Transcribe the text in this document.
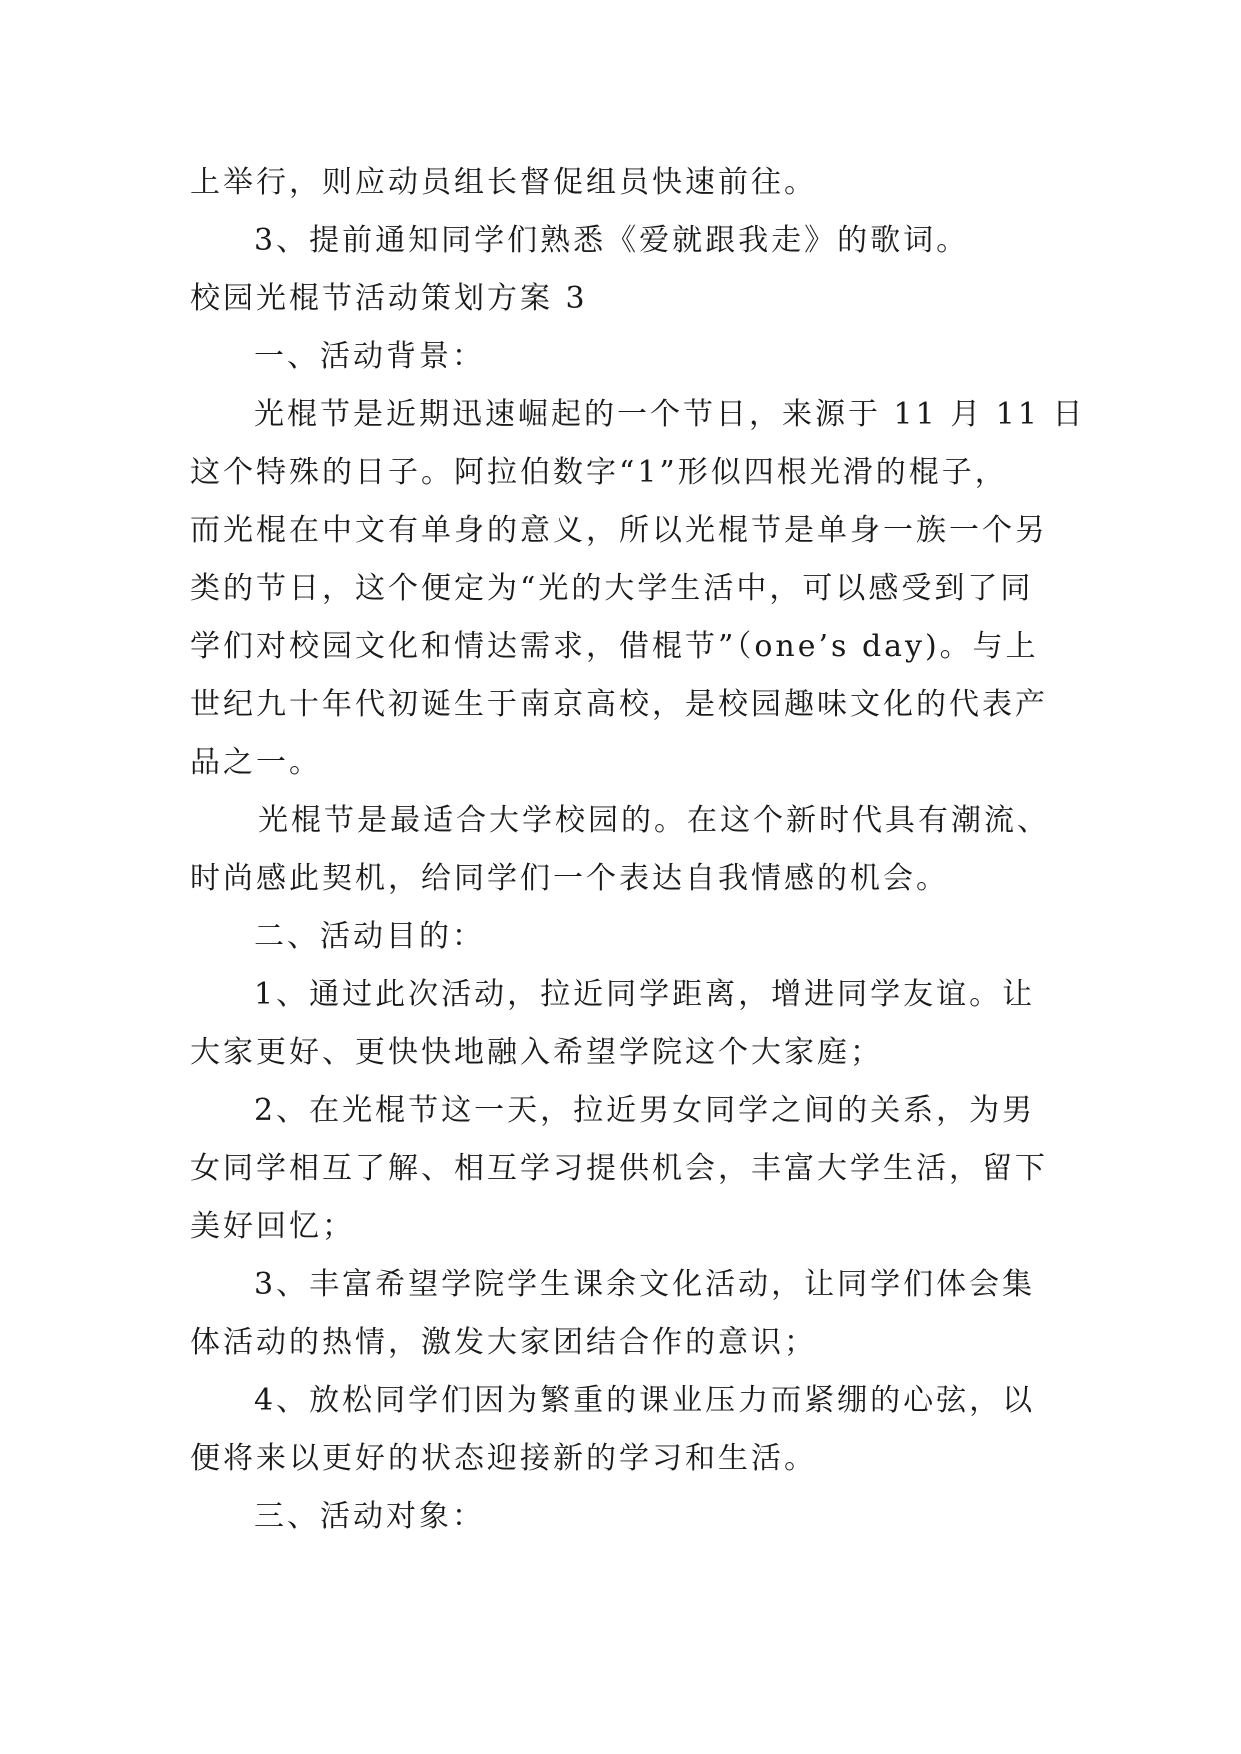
上举行，则应动员组长督促组员快速前往。

3、提前通知同学们熟悉《爱就跟我走》的歌词。

校园光棍节活动策划方案 3

一、活动背景：

光棍节是近期迅速崛起的一个节日，来源于 11 月 11 日

这个特殊的日子。阿拉伯数字“1”形似四根光滑的棍子，

而光棍在中文有单身的意义，所以光棍节是单身一族一个另

类的节日，这个便定为“光的大学生活中，可以感受到了同

学们对校园文化和情达需求，借棍节”（one’s day)。与上

世纪九十年代初诞生于南京高校，是校园趣味文化的代表产

品之一。

光棍节是最适合大学校园的。在这个新时代具有潮流、

时尚感此契机，给同学们一个表达自我情感的机会。

二、活动目的：

1、通过此次活动，拉近同学距离，增进同学友谊。让

大家更好、更快快地融入希望学院这个大家庭；

2、在光棍节这一天，拉近男女同学之间的关系，为男

女同学相互了解、相互学习提供机会，丰富大学生活，留下

美好回忆；

3、丰富希望学院学生课余文化活动，让同学们体会集

体活动的热情，激发大家团结合作的意识；

4、放松同学们因为繁重的课业压力而紧绷的心弦，以

便将来以更好的状态迎接新的学习和生活。

三、活动对象：
